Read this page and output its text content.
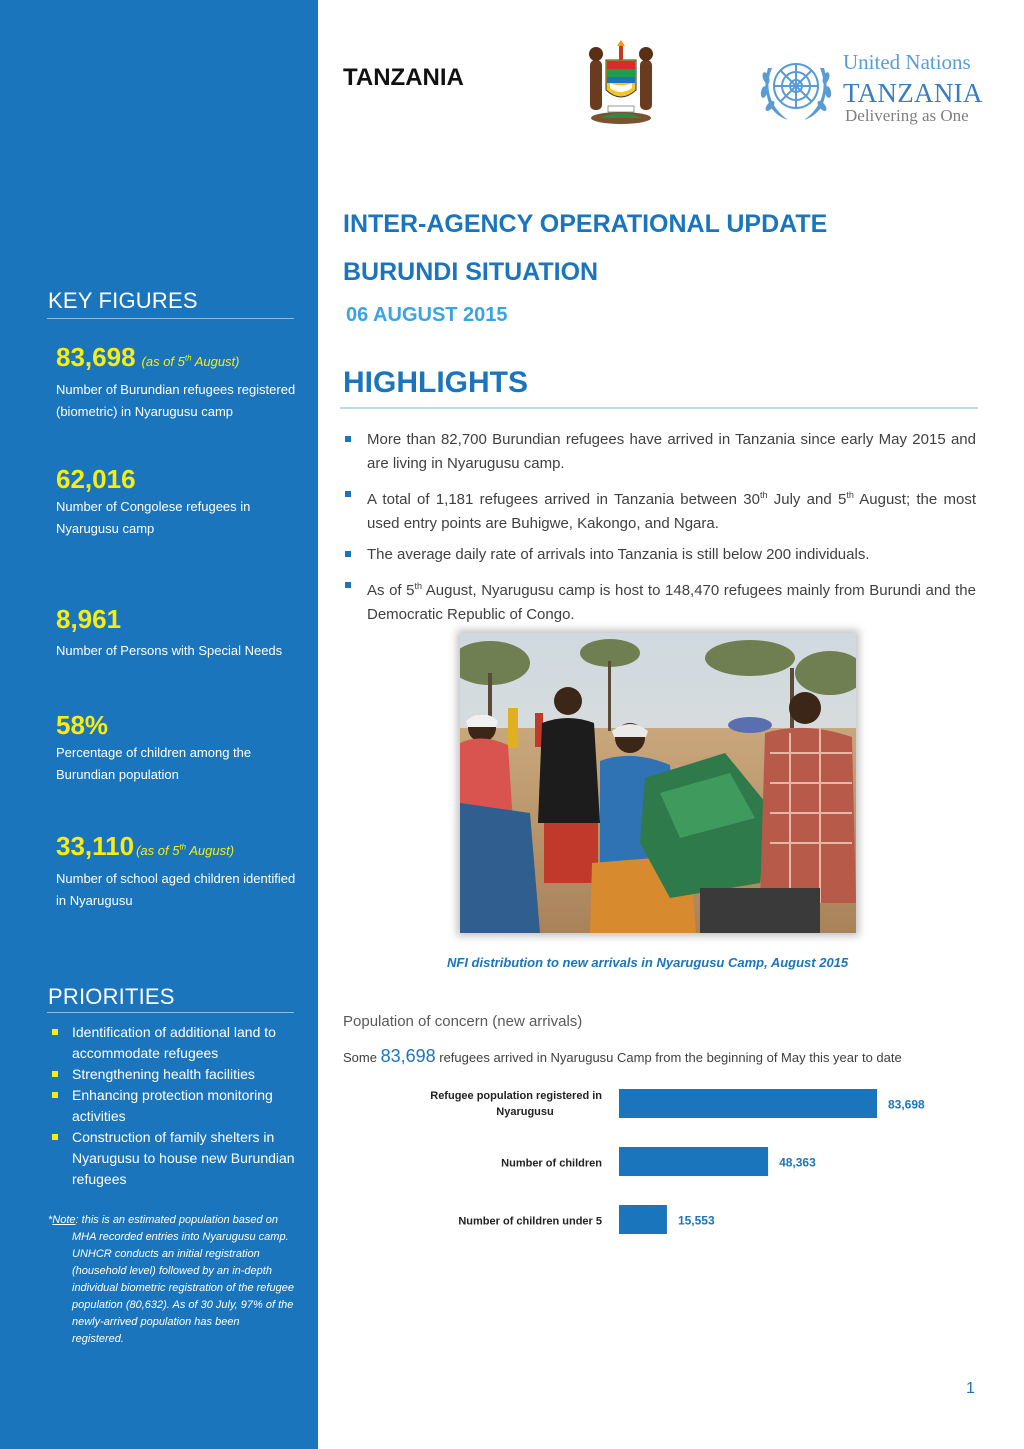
KEY FIGURES
83,698 (as of 5th August)
Number of Burundian refugees registered (biometric) in Nyarugusu camp
62,016
Number of Congolese refugees in Nyarugusu camp
8,961
Number of Persons with Special Needs
58%
Percentage of children among the Burundian population
33,110 (as of 5th August)
Number of school aged children identified in Nyarugusu
PRIORITIES
Identification of additional land to accommodate refugees
Strengthening health facilities
Enhancing protection monitoring activities
Construction of family shelters in Nyarugusu to house new Burundian refugees
*Note: this is an estimated population based on MHA recorded entries into Nyarugusu camp. UNHCR conducts an initial registration (household level) followed by an in-depth individual biometric registration of the refugee population (80,632). As of 30 July, 97% of the newly-arrived population has been registered.
TANZANIA
United Nations
TANZANIA
Delivering as One
INTER-AGENCY OPERATIONAL UPDATE
BURUNDI SITUATION
06 AUGUST 2015
HIGHLIGHTS
More than 82,700 Burundian refugees have arrived in Tanzania since early May 2015 and are living in Nyarugusu camp.
A total of 1,181 refugees arrived in Tanzania between 30th July and 5th August; the most used entry points are Buhigwe, Kakongo, and Ngara.
The average daily rate of arrivals into Tanzania is still below 200 individuals.
As of 5th August, Nyarugusu camp is host to 148,470 refugees mainly from Burundi and the Democratic Republic of Congo.
NFI distribution to new arrivals in Nyarugusu Camp, August 2015
Population of concern (new arrivals)
Some 83,698 refugees arrived in Nyarugusu Camp from the beginning of May this year to date
83,698
Refugee population registered in
Nyarugusu
48,363
Number of children
15,553
Number of children under 5
1
